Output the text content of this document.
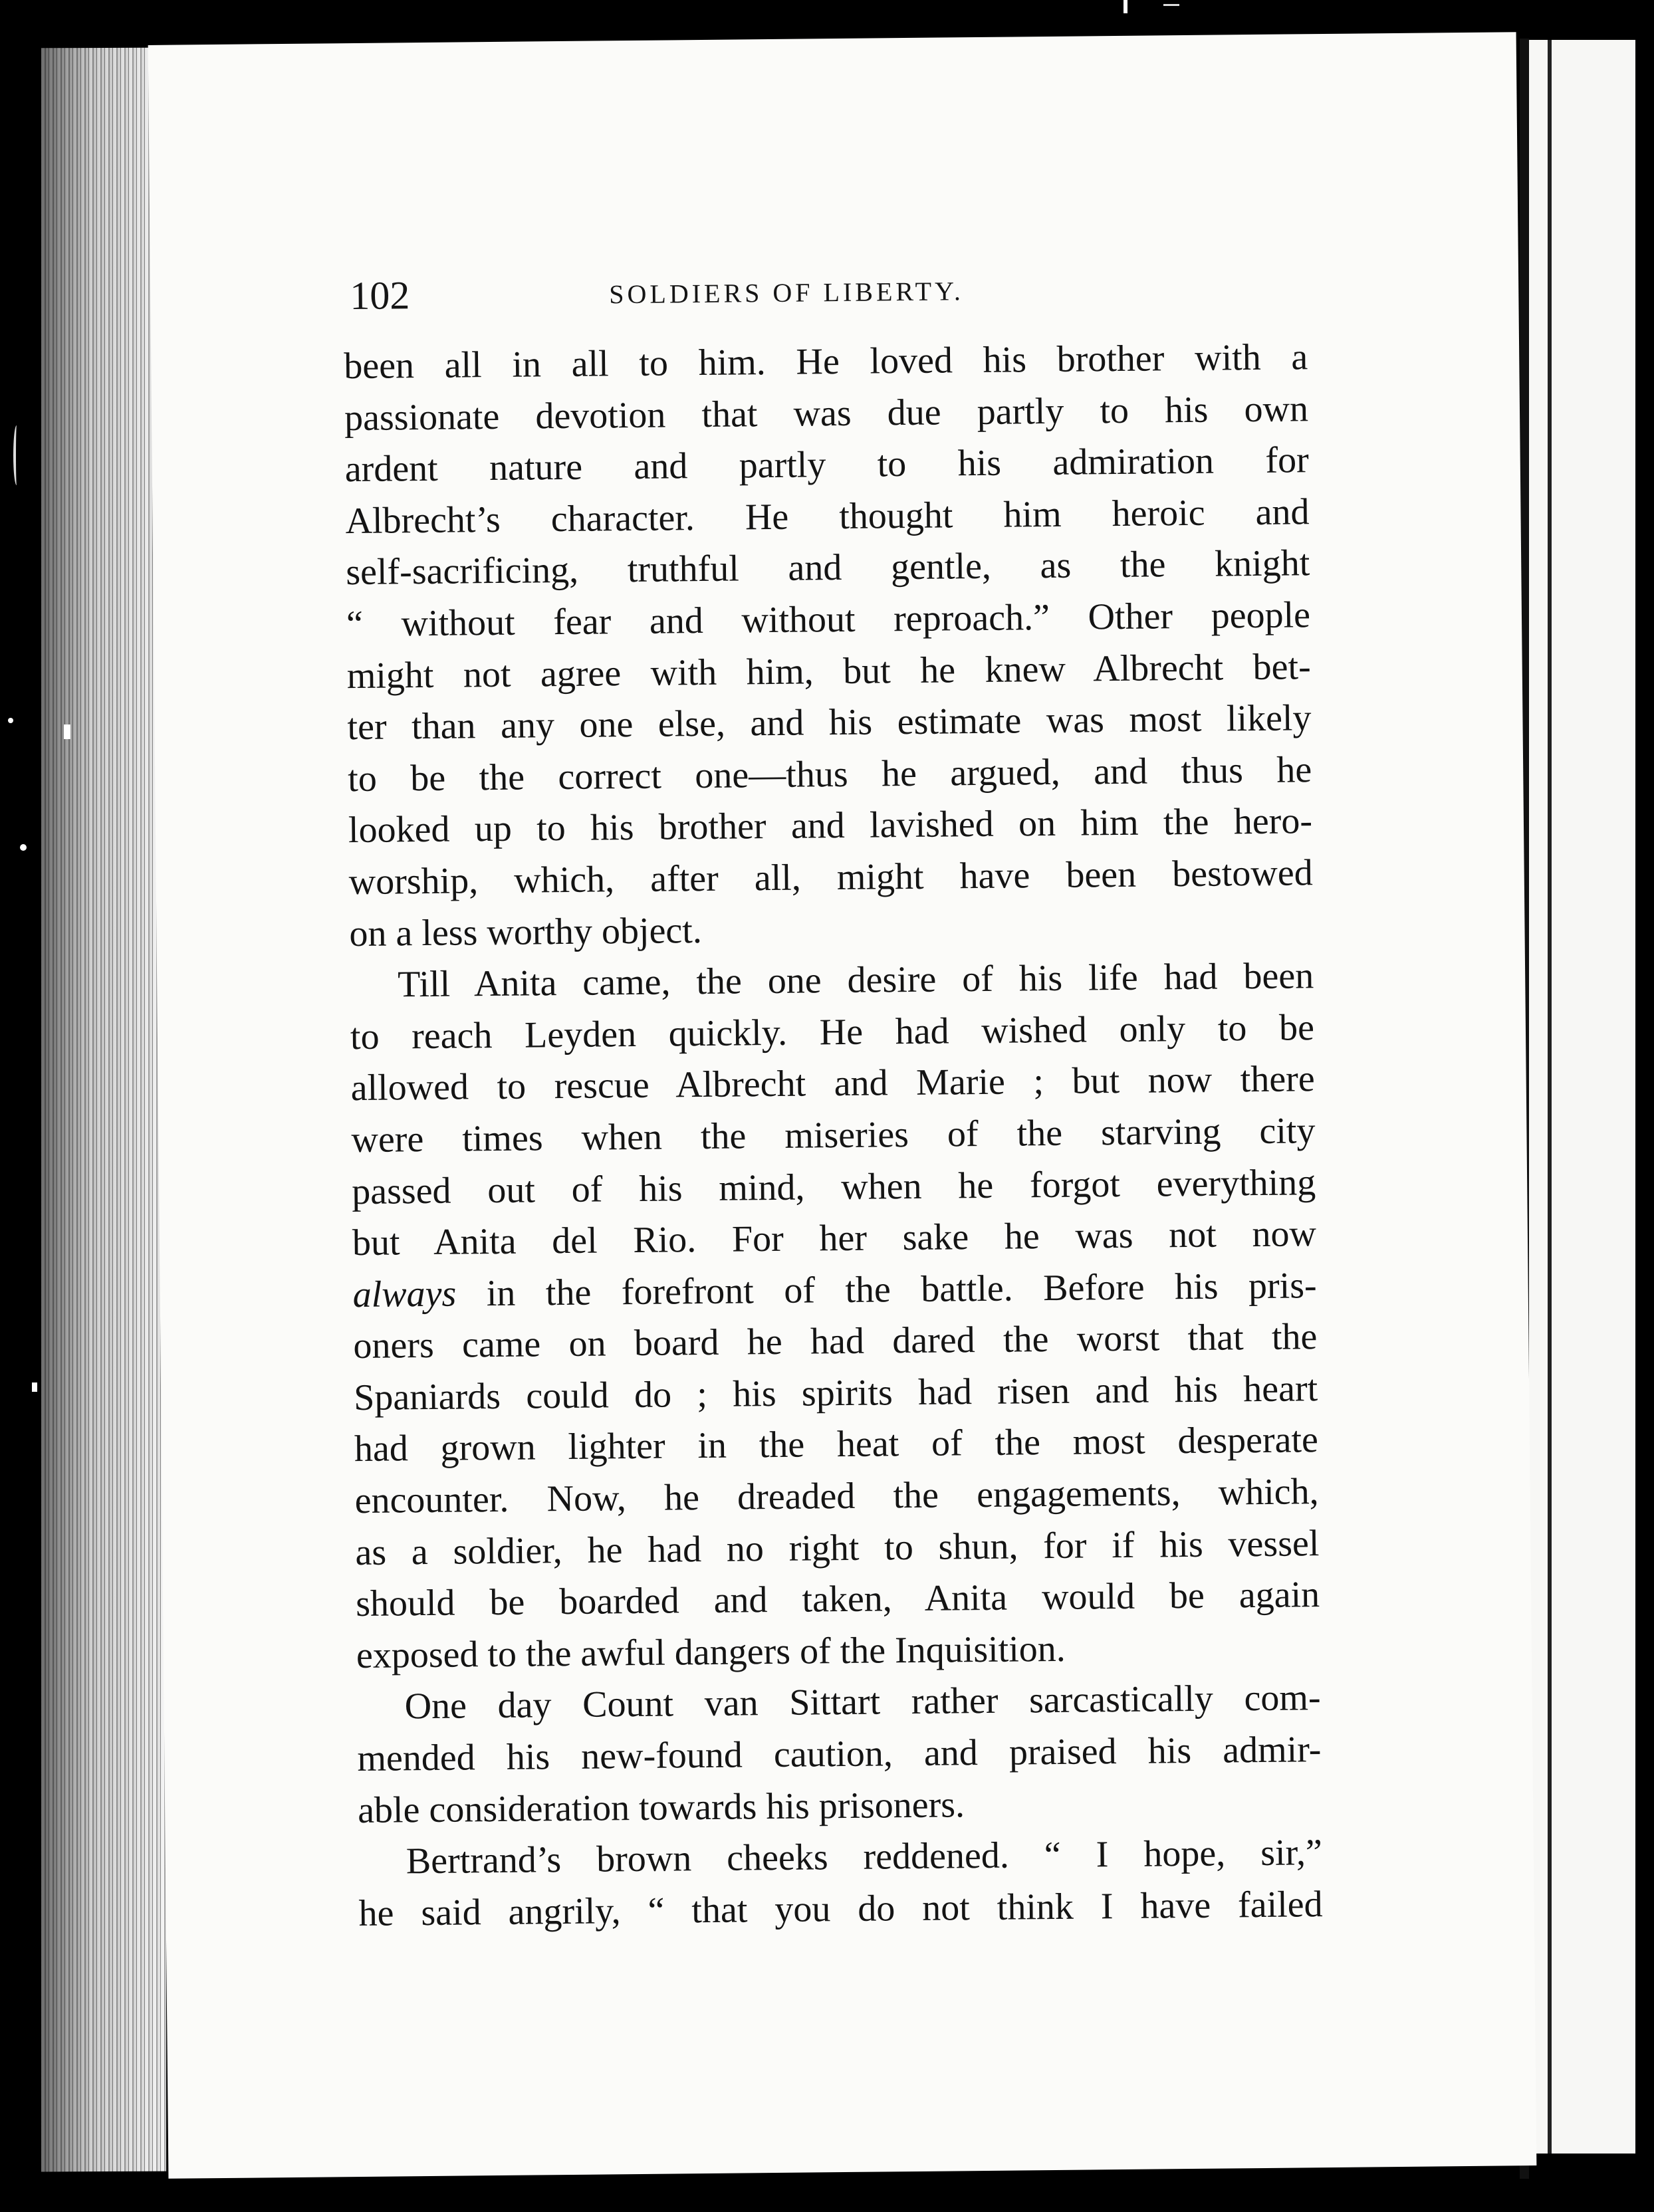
102	SOLDIERS OF LIBERTY.
been all in all to him. He loved his brother with a
passionate devotion that was due partly to his own
ardent nature and partly to his admiration for
Albrecht’s character. He thought him heroic and
self-sacrificing, truthful and gentle, as the knight
“ without fear and without reproach.” Other people
might not agree with him, but he knew Albrecht bet-
ter than any one else, and his estimate was most likely
to be the correct one—thus he argued, and thus he
looked up to his brother and lavished on him the hero-
worship, which, after all, might have been bestowed
on a less worthy object.
Till Anita came, the one desire of his life had been
to reach Leyden quickly. He had wished only to be
allowed to rescue Albrecht and Marie ; but now there
were times when the miseries of the starving city
passed out of his mind, when he forgot everything
but Anita del Rio. For her sake he was not now
always in the forefront of the battle. Before his pris-
oners came on board he had dared the worst that the
Spaniards could do ; his spirits had risen and his heart
had grown lighter in the heat of the most desperate
encounter. Now, he dreaded the engagements, which,
as a soldier, he had no right to shun, for if his vessel
should be boarded and taken, Anita would be again
exposed to the awful dangers of the Inquisition.
One day Count van Sittart rather sarcastically com-
mended his new-found caution, and praised his admir-
able consideration towards his prisoners.
Bertrand’s brown cheeks reddened. “ I hope, sir,”
he said angrily, “ that you do not think I have failed
